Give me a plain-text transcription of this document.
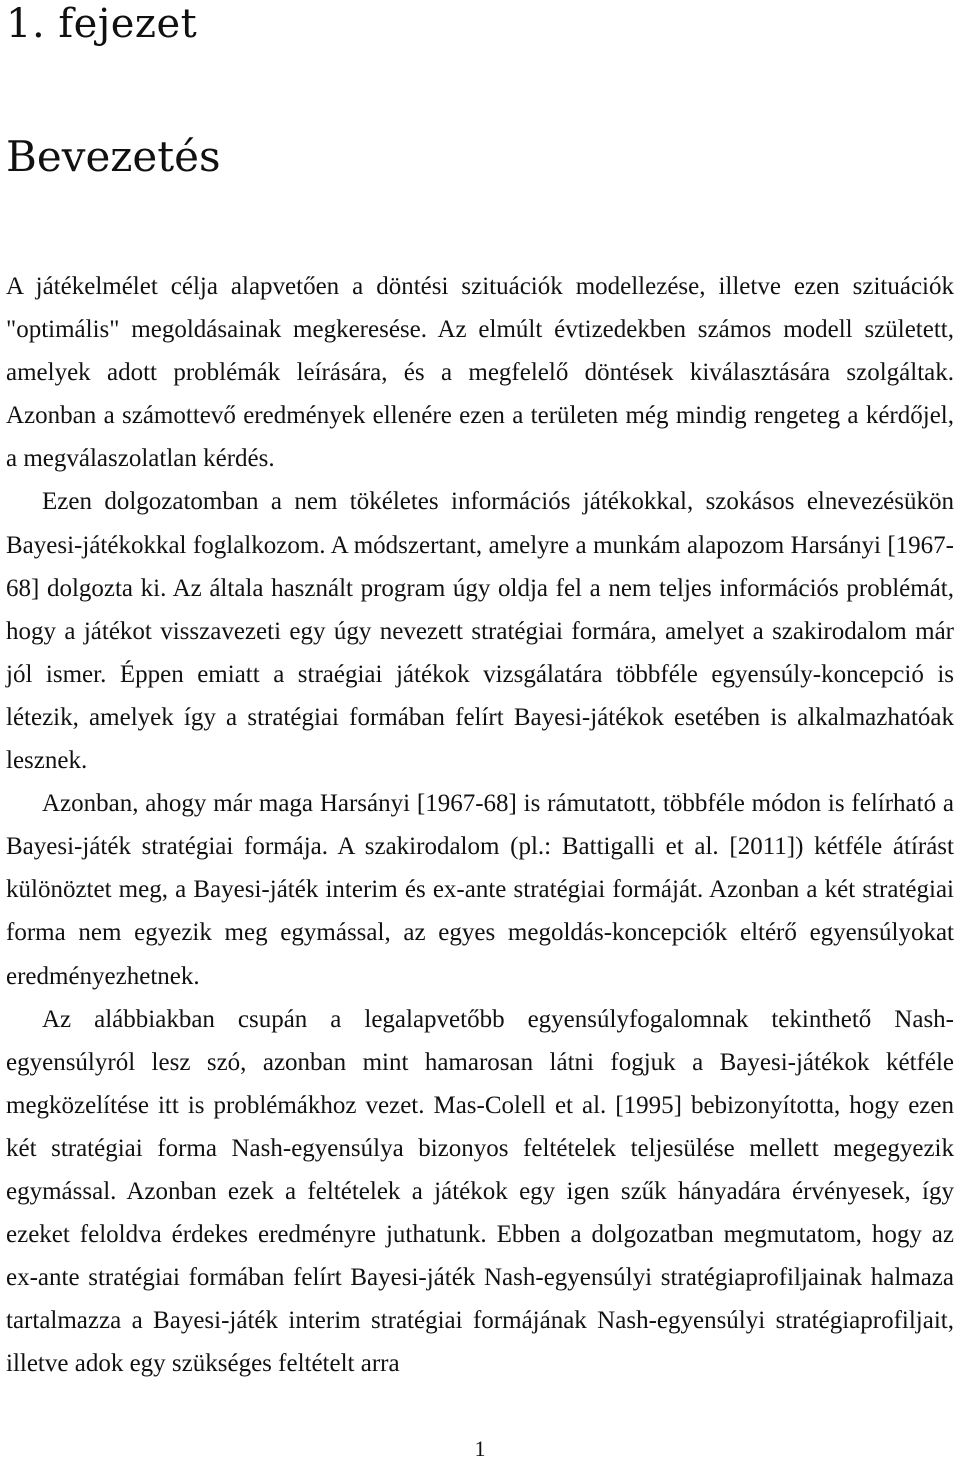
1. fejezet
Bevezetés

A játékelmélet célja alapvetően a döntési szituációk modellezése, illetve ezen szituációk "optimális" megoldásainak megkeresése. Az elmúlt évtizedekben számos modell született, amelyek adott problémák leírására, és a megfelelő döntések kiválasztására szolgáltak. Azonban a számottevő eredmények ellenére ezen a területen még mindig rengeteg a kérdőjel, a megválaszolatlan kérdés.

Ezen dolgozatomban a nem tökéletes információs játékokkal, szokásos elnevezésükön Bayesi-játékokkal foglalkozom. A módszertant, amelyre a munkám alapozom Harsányi [1967-68] dolgozta ki. Az általa használt program úgy oldja fel a nem teljes információs problémát, hogy a játékot visszavezeti egy úgy nevezett stratégiai formára, amelyet a szakirodalom már jól ismer. Éppen emiatt a straégiai játékok vizsgálatára többféle egyensúly-koncepció is létezik, amelyek így a stratégiai formában felírt Bayesi-játékok esetében is alkalmazhatóak lesznek.

Azonban, ahogy már maga Harsányi [1967-68] is rámutatott, többféle módon is felírható a Bayesi-játék stratégiai formája. A szakirodalom (pl.: Battigalli et al. [2011]) kétféle átírást különöztet meg, a Bayesi-játék interim és ex-ante stratégiai formáját. Azonban a két stratégiai forma nem egyezik meg egymással, az egyes megoldás-koncepciók eltérő egyensúlyokat eredményezhetnek.

Az alábbiakban csupán a legalapvetőbb egyensúlyfogalomnak tekinthető Nash-egyensúlyról lesz szó, azonban mint hamarosan látni fogjuk a Bayesi-játékok kétféle megközelítése itt is problémákhoz vezet. Mas-Colell et al. [1995] bebizonyította, hogy ezen két stratégiai forma Nash-egyensúlya bizonyos feltételek teljesülése mellett megegyezik egymással. Azonban ezek a feltételek a játékok egy igen szűk hányadára érvényesek, így ezeket feloldva érdekes eredményre juthatunk. Ebben a dolgozatban megmutatom, hogy az ex-ante stratégiai formában felírt Bayesi-játék Nash-egyensúlyi stratégiaprofiljainak halmaza tartalmazza a Bayesi-játék interim stratégiai formájának Nash-egyensúlyi stratégiaprofiljait, illetve adok egy szükséges feltételt arra

1
